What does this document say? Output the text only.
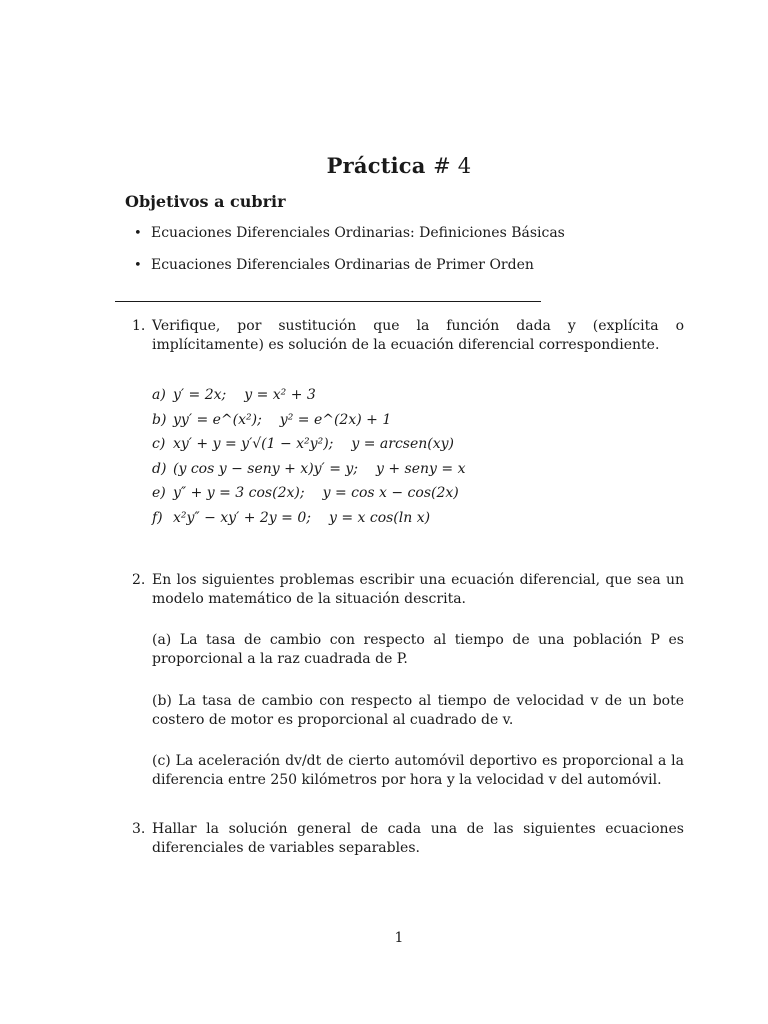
Práctica # 4
Objetivos a cubrir
• Ecuaciones Diferenciales Ordinarias: Definiciones Básicas
• Ecuaciones Diferenciales Ordinarias de Primer Orden
1. Verifique, por sustitución que la función dada y (explícita o implícitamente) es solución de la ecuación diferencial correspondiente.
a) y′ = 2x; y = x² + 3
b) yy′ = e^(x²); y² = e^(2x) + 1
c) xy′ + y = y′√(1 − x²y²); y = arcsen(xy)
d) (y cos y − seny + x)y′ = y; y + seny = x
e) y″ + y = 3 cos(2x); y = cos x − cos(2x)
f) x²y″ − xy′ + 2y = 0; y = x cos(ln x)
2. En los siguientes problemas escribir una ecuación diferencial, que sea un modelo matemático de la situación descrita.
(a) La tasa de cambio con respecto al tiempo de una población P es proporcional a la raz cuadrada de P.
(b) La tasa de cambio con respecto al tiempo de velocidad v de un bote costero de motor es proporcional al cuadrado de v.
(c) La aceleración dv/dt de cierto automóvil deportivo es proporcional a la diferencia entre 250 kilómetros por hora y la velocidad v del automóvil.
3. Hallar la solución general de cada una de las siguientes ecuaciones diferenciales de variables separables.
1
